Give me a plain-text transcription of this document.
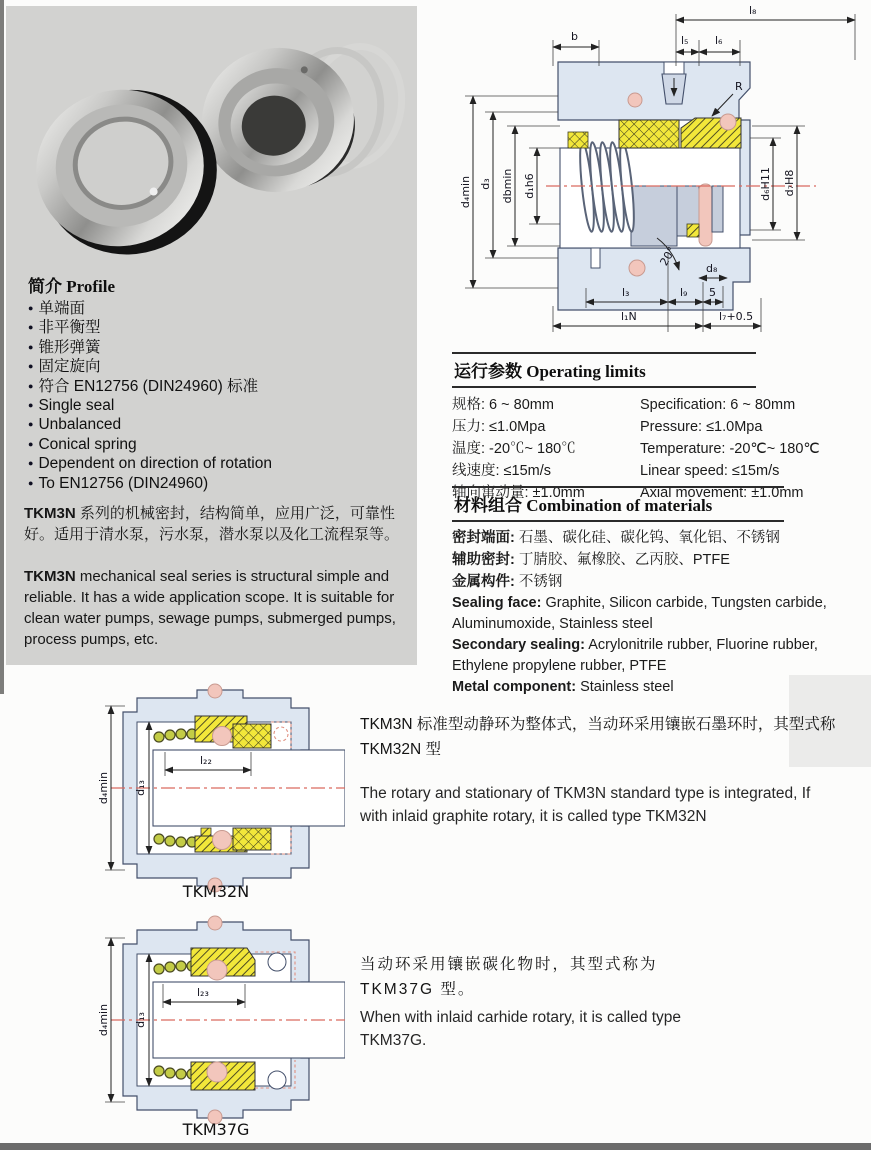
简介 Profile
● 单端面
● 非平衡型
● 锥形弹簧
● 固定旋向
● 符合 EN12756 (DIN24960) 标准
● Single seal
● Unbalanced
● Conical spring
● Dependent on direction of rotation
● To EN12756 (DIN24960)
TKM3N 系列的机械密封，结构简单，应用广泛，可靠性好。适用于清水泵，污水泵，潜水泵以及化工流程泵等。
TKM3N mechanical seal series is structural simple and reliable. It has a wide application scope. It is suitable for clean water pumps, sewage pumps, submerged pumps, process pumps, etc.
20°
R
l₈
l₅ l₆
b
d₄min d₃ dbmin d₁h6	d₆H11 d₇H8
l₃	l₉ 5
l₁N	l₇+0.5
d₈
运行参数 Operating limits
规格: 6 ~ 80mm	Specification: 6 ~ 80mm
压力: ≤1.0Mpa	Pressure: ≤1.0Mpa
温度: -20℃~ 180℃	Temperature: -20℃~ 180℃
线速度: ≤15m/s	Linear speed: ≤15m/s
轴向窜动量: ±1.0mm	Axial movement: ±1.0mm
材料组合 Combination of materials
密封端面: 石墨、碳化硅、碳化钨、氧化铝、不锈钢
辅助密封: 丁腈胶、氟橡胶、乙丙胶、PTFE
金属构件: 不锈钢
Sealing face: Graphite, Silicon carbide, Tungsten carbide, Aluminumoxide, Stainless steel
Secondary sealing: Acrylonitrile rubber, Fluorine rubber, Ethylene propylene rubber, PTFE
Metal component: Stainless steel
d₄min d₁₃
l₂₂
TKM32N
TKM3N 标准型动静环为整体式，当动环采用镶嵌石墨环时，其型式称 TKM32N 型
The rotary and stationary of TKM3N standard type is integrated, If with inlaid graphite rotary, it is called type TKM32N
d₄min d₁₃
l₂₃
TKM37G
当动环采用镶嵌碳化物时，其型式称为 TKM37G 型。
When with inlaid carhide rotary, it is called type TKM37G.
